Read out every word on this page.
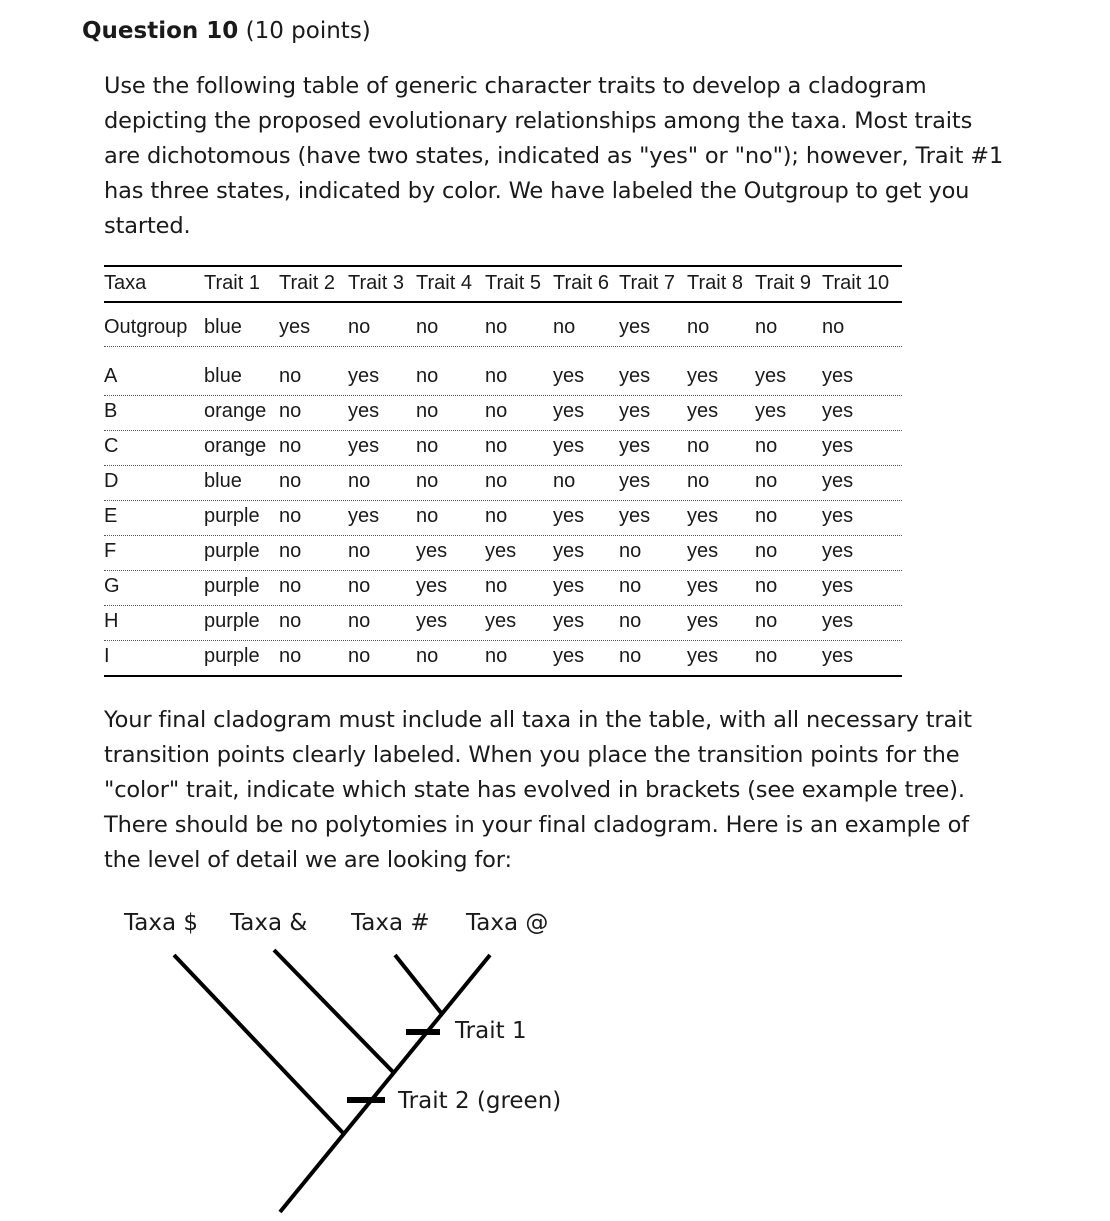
Question 10 (10 points)
Use the following table of generic character traits to develop a cladogram depicting the proposed evolutionary relationships among the taxa. Most traits are dichotomous (have two states, indicated as "yes" or "no"); however, Trait #1 has three states, indicated by color. We have labeled the Outgroup to get you started.
Taxa	Trait 1 Trait 2 Trait 3 Trait 4 Trait 5 Trait 6 Trait 7 Trait 8 Trait 9 Trait 10
Outgroup blue yes no no no no yes no no no
A	blue no yes no no yes yes yes yes yes
B	orange no yes no no yes yes yes yes yes
C	orange no yes no no yes yes no no yes
D	blue no no no no no yes no no yes
E	purple no yes no no yes yes yes no yes
F	purple no no yes yes yes no yes no yes
G	purple no no yes no yes no yes no yes
H	purple no no yes yes yes no yes no yes
I	purple no no no no yes no yes no yes
Your final cladogram must include all taxa in the table, with all necessary trait transition points clearly labeled. When you place the transition points for the "color" trait, indicate which state has evolved in brackets (see example tree). There should be no polytomies in your final cladogram. Here is an example of the level of detail we are looking for:
Taxa $ Taxa & Taxa # Taxa @
Trait 1
Trait 2 (green)
